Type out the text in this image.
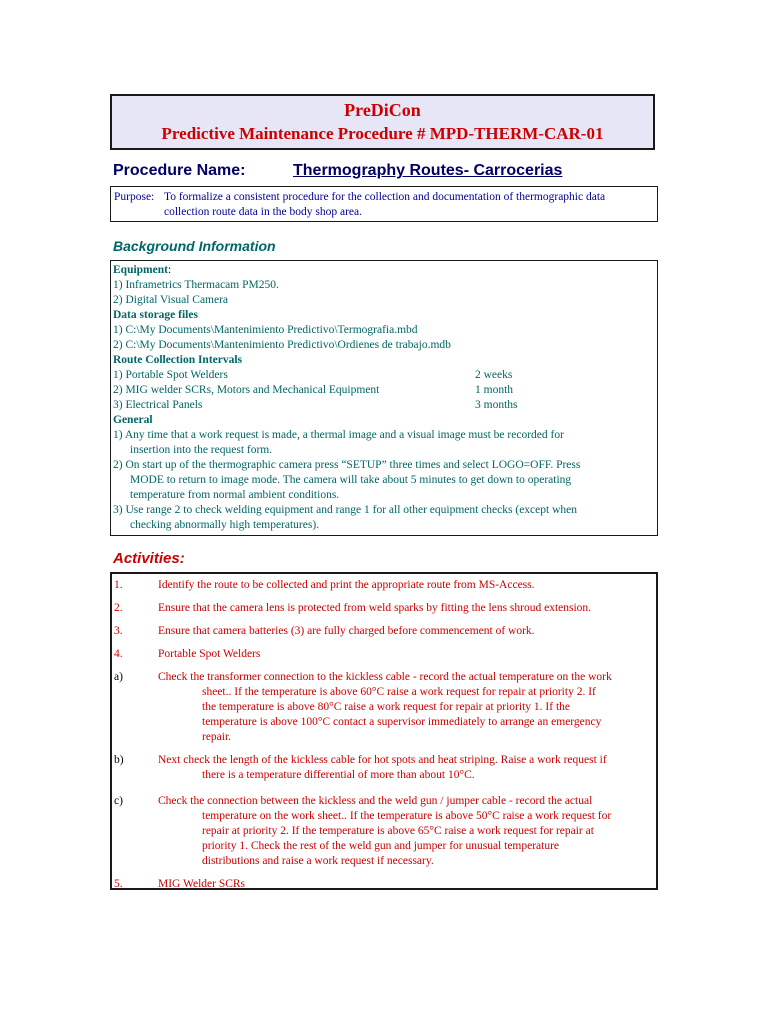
PreDiCon
Predictive Maintenance Procedure # MPD-THERM-CAR-01
Procedure Name:	Thermography Routes- Carrocerias
Purpose: To formalize a consistent procedure for the collection and documentation of thermographic data
collection route data in the body shop area.
Background Information
Equipment:
1) Inframetrics Thermacam PM250.
2) Digital Visual Camera
Data storage files
1) C:\My Documents\Mantenimiento Predictivo\Termografia.mbd
2) C:\My Documents\Mantenimiento Predictivo\Ordienes de trabajo.mdb
Route Collection Intervals
1) Portable Spot Welders	2 weeks
2) MIG welder SCRs, Motors and Mechanical Equipment	1 month
3) Electrical Panels	3 months
General
1) Any time that a work request is made, a thermal image and a visual image must be recorded for
insertion into the request form.
2) On start up of the thermographic camera press “SETUP” three times and select LOGO=OFF. Press
MODE to return to image mode. The camera will take about 5 minutes to get down to operating
temperature from normal ambient conditions.
3) Use range 2 to check welding equipment and range 1 for all other equipment checks (except when
checking abnormally high temperatures).
Activities:
1.	Identify the route to be collected and print the appropriate route from MS-Access.
2.	Ensure that the camera lens is protected from weld sparks by fitting the lens shroud extension.
3.	Ensure that camera batteries (3) are fully charged before commencement of work.
4.	Portable Spot Welders
a)	Check the transformer connection to the kickless cable - record the actual temperature on the work
sheet.. If the temperature is above 60°C raise a work request for repair at priority 2. If
the temperature is above 80°C raise a work request for repair at priority 1. If the
temperature is above 100°C contact a supervisor immediately to arrange an emergency
repair.
b)	Next check the length of the kickless cable for hot spots and heat striping. Raise a work request if
there is a temperature differential of more than about 10°C.
c)	Check the connection between the kickless and the weld gun / jumper cable - record the actual
temperature on the work sheet.. If the temperature is above 50°C raise a work request for
repair at priority 2. If the temperature is above 65°C raise a work request for repair at
priority 1. Check the rest of the weld gun and jumper for unusual temperature
distributions and raise a work request if necessary.
5.	MIG Welder SCRs
